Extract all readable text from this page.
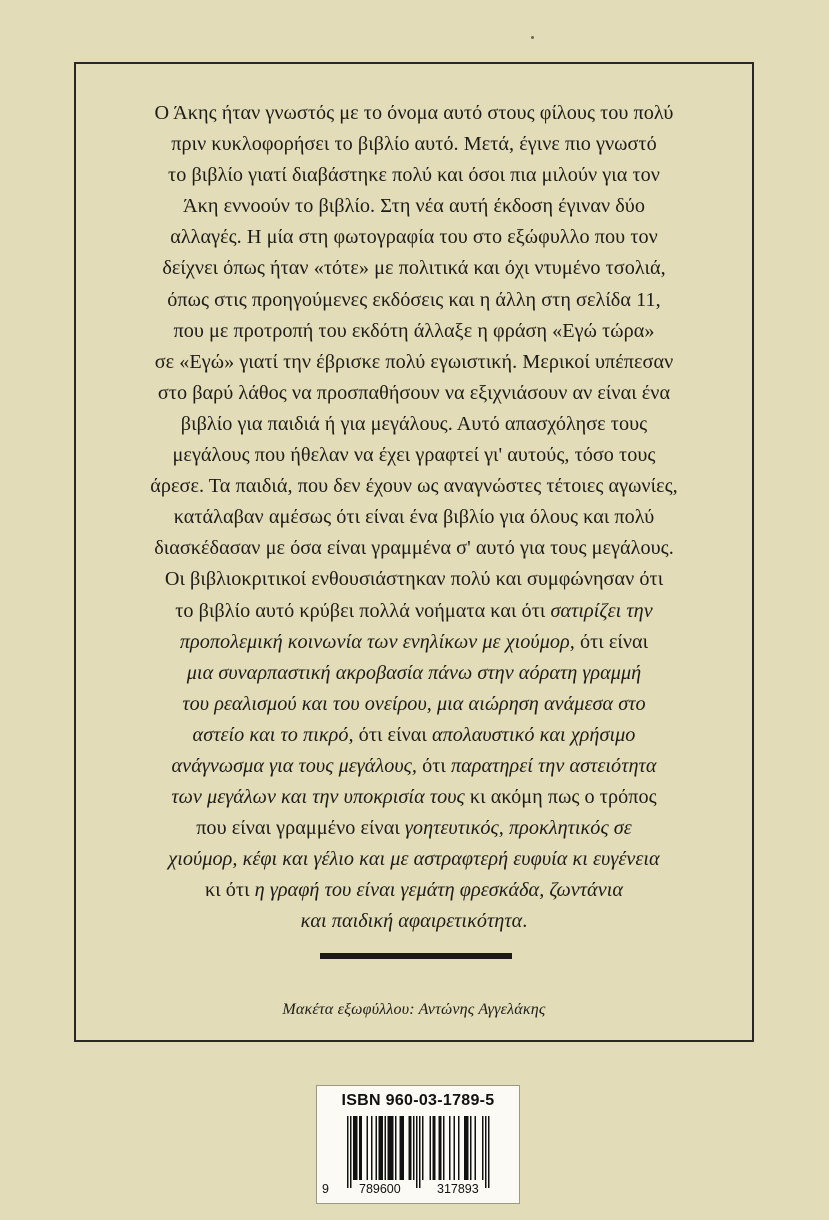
Ο Άκης ήταν γνωστός με το όνομα αυτό στους φίλους του πολύ
πριν κυκλοφορήσει το βιβλίο αυτό. Μετά, έγινε πιο γνωστό
το βιβλίο γιατί διαβάστηκε πολύ και όσοι πια μιλούν για τον
Άκη εννοούν το βιβλίο. Στη νέα αυτή έκδοση έγιναν δύο
αλλαγές. Η μία στη φωτογραφία του στο εξώφυλλο που τον
δείχνει όπως ήταν «τότε» με πολιτικά και όχι ντυμένο τσολιά,
όπως στις προηγούμενες εκδόσεις και η άλλη στη σελίδα 11,
που με προτροπή του εκδότη άλλαξε η φράση «Εγώ τώρα»
σε «Εγώ» γιατί την έβρισκε πολύ εγωιστική. Μερικοί υπέπεσαν
στο βαρύ λάθος να προσπαθήσουν να εξιχνιάσουν αν είναι ένα
βιβλίο για παιδιά ή για μεγάλους. Αυτό απασχόλησε τους
μεγάλους που ήθελαν να έχει γραφτεί γι' αυτούς, τόσο τους
άρεσε. Τα παιδιά, που δεν έχουν ως αναγνώστες τέτοιες αγωνίες,
κατάλαβαν αμέσως ότι είναι ένα βιβλίο για όλους και πολύ
διασκέδασαν με όσα είναι γραμμένα σ' αυτό για τους μεγάλους.
Οι βιβλιοκριτικοί ενθουσιάστηκαν πολύ και συμφώνησαν ότι
το βιβλίο αυτό κρύβει πολλά νοήματα και ότι σατιρίζει την
προπολεμική κοινωνία των ενηλίκων με χιούμορ, ότι είναι
μια συναρπαστική ακροβασία πάνω στην αόρατη γραμμή
του ρεαλισμού και του ονείρου, μια αιώρηση ανάμεσα στο
αστείο και το πικρό, ότι είναι απολαυστικό και χρήσιμο
ανάγνωσμα για τους μεγάλους, ότι παρατηρεί την αστειότητα
των μεγάλων και την υποκρισία τους κι ακόμη πως ο τρόπος
που είναι γραμμένο είναι γοητευτικός, προκλητικός σε
χιούμορ, κέφι και γέλιο και με αστραφτερή ευφυία κι ευγένεια
κι ότι η γραφή του είναι γεμάτη φρεσκάδα, ζωντάνια
και παιδική αφαιρετικότητα.
Μακέτα εξωφύλλου: Αντώνης Αγγελάκης
ISBN 960-03-1789-5
9 789600	317893
